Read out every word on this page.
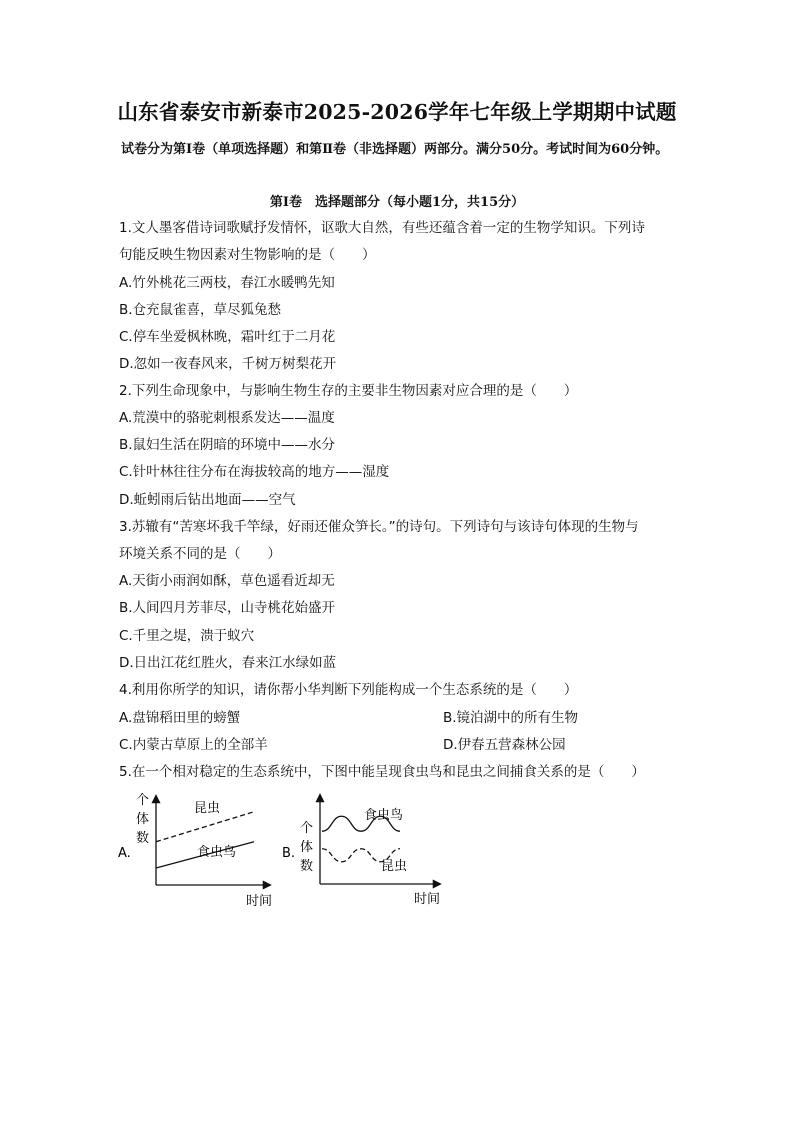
山东省泰安市新泰市2025-2026学年七年级上学期期中试题
试卷分为第Ⅰ卷（单项选择题）和第Ⅱ卷（非选择题）两部分。满分50分。考试时间为60分钟。
第Ⅰ卷　选择题部分（每小题1分，共15分）
1.文人墨客借诗词歌赋抒发情怀，讴歌大自然，有些还蕴含着一定的生物学知识。下列诗
句能反映生物因素对生物影响的是（　　）
A.竹外桃花三两枝，春江水暖鸭先知
B.仓充鼠雀喜，草尽狐兔愁
C.停车坐爱枫林晚，霜叶红于二月花
D.忽如一夜春风来，千树万树梨花开
2.下列生命现象中，与影响生物生存的主要非生物因素对应合理的是（　　）
A.荒漠中的骆驼刺根系发达——温度
B.鼠妇生活在阴暗的环境中——水分
C.针叶林往往分布在海拔较高的地方——湿度
D.蚯蚓雨后钻出地面——空气
3.苏辙有“苦寒坏我千竿绿，好雨还催众笋长。”的诗句。下列诗句与该诗句体现的生物与
环境关系不同的是（　　）
A.天街小雨润如酥，草色遥看近却无
B.人间四月芳菲尽，山寺桃花始盛开
C.千里之堤，溃于蚁穴
D.日出江花红胜火，春来江水绿如蓝
4.利用你所学的知识，请你帮小华判断下列能构成一个生态系统的是（　　）
A.盘锦稻田里的螃蟹	B.镜泊湖中的所有生物
C.内蒙古草原上的全部羊	D.伊春五营森林公园
5.在一个相对稳定的生态系统中，下图中能呈现食虫鸟和昆虫之间捕食关系的是（　　）
个
体
数
昆虫
食虫鸟
A.
时间
个
体
数
食虫鸟
昆虫
B.
时间
